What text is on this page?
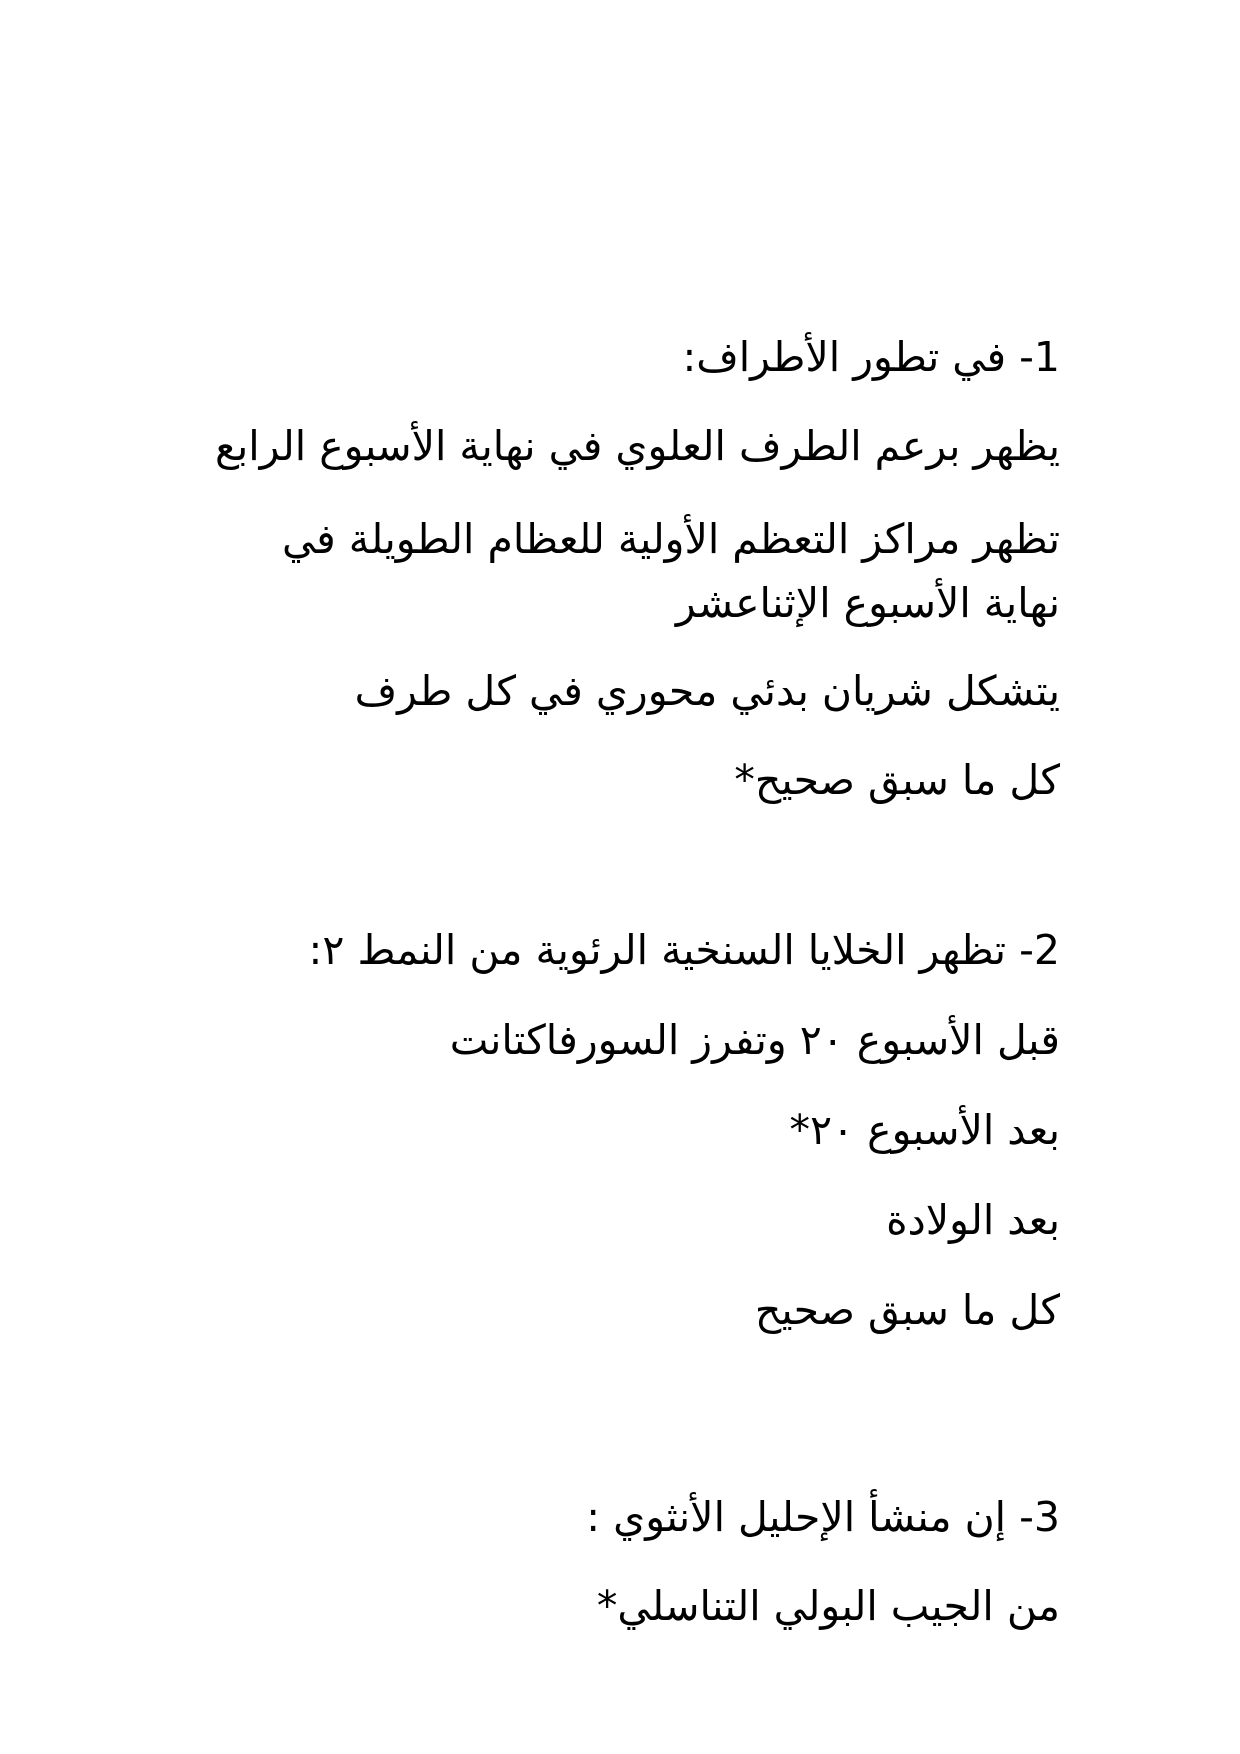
1- في تطور الأطراف:
يظهر برعم الطرف العلوي في نهاية الأسبوع الرابع
تظهر مراكز التعظم الأولية للعظام الطويلة في نهاية الأسبوع الإثناعشر
يتشكل شريان بدئي محوري في كل طرف
كل ما سبق صحيح*
2- تظهر الخلايا السنخية الرئوية من النمط ٢:
قبل الأسبوع ٢٠ وتفرز السورفاكتانت
بعد الأسبوع ٢٠*
بعد الولادة
كل ما سبق صحيح
3- إن منشأ الإحليل الأنثوي :
من الجيب البولي التناسلي*
